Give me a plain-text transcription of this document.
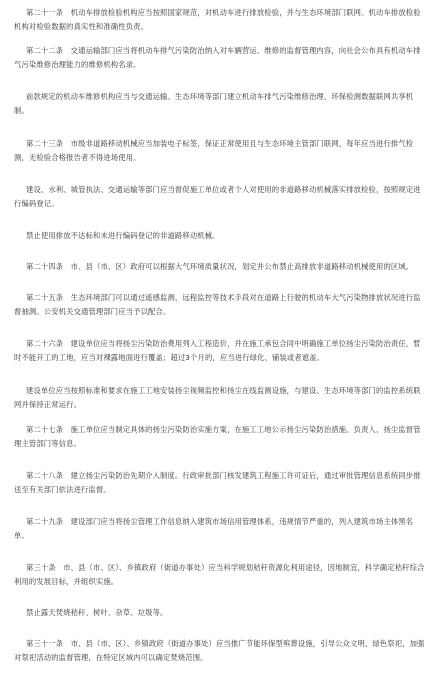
第二十一条　机动车排放检验机构应当按照国家规范，对机动车进行排放检验，并与生态环境部门联网。机动车排放检验机构对检验数据的真实性和准确性负责。

第二十二条　交通运输部门应当将机动车排气污染防治纳入对车辆营运、维修的监督管理内容，向社会公布具有机动车排气污染维修治理能力的维修机构名录。

前款规定的机动车维修机构应当与交通运输、生态环境等部门建立机动车排气污染维修治理、环保检测数据联网共享机制。

第二十三条　市级非道路移动机械应当加装电子标签，保证正常使用且与生态环境主管部门联网，每年应当进行排气检测，无检验合格报告者不得进场使用。

建设、水利、城管执法、交通运输等部门应当督促施工单位或者个人对使用的非道路移动机械落实排放检验，按照规定进行编码登记。

禁止使用排放不达标和未进行编码登记的非道路移动机械。

第二十四条　市、县（市、区）政府可以根据大气环境质量状况，划定并公布禁止高排放非道路移动机械使用的区域。

第二十五条　生态环境部门可以通过遥感监测、远程监控等技术手段对在道路上行驶的机动车大气污染物排放状况进行监督抽测。公安机关交通管理部门应当予以配合。

第二十六条　建设单位应当将扬尘污染防治费用列入工程造价，并在施工承包合同中明确施工单位扬尘污染防治责任，暂时不能开工的工地，应当对裸露地面进行覆盖；超过3个月的，应当进行绿化、铺装或者遮盖。

建设单位应当按照标准和要求在施工工地安装扬尘视频监控和扬尘在线监测设施，与建设、生态环境等部门的监控系统联网并保持正常运行。

第二十七条　施工单位应当制定具体的扬尘污染防治实施方案，在施工工地公示扬尘污染防治措施、负责人、扬尘监督管理主管部门等信息。

第二十八条　建立扬尘污染防治先期介入制度。行政审批部门核发建筑工程施工许可证后，通过审批管理信息系统同步推送至有关部门依法进行监督。

第二十九条　建设部门应当将扬尘管理工作信息纳入建筑市场信用管理体系，违规情节严重的，列入建筑市场主体黑名单。

第三十条　市、县（市、区）、乡镇政府（街道办事处）应当科学规划秸秆资源化利用途径，因地制宜，科学确定秸秆综合利用的发展目标，并组织实施。

禁止露天焚烧秸秆、树叶、杂草、垃圾等。

第三十一条　市、县（市、区）、乡镇政府（街道办事处）应当推广节能环保型殡葬设施，引导公众文明、绿色祭祀，加强对祭祀活动的监督管理，在特定区域内可以确定焚烧范围。
